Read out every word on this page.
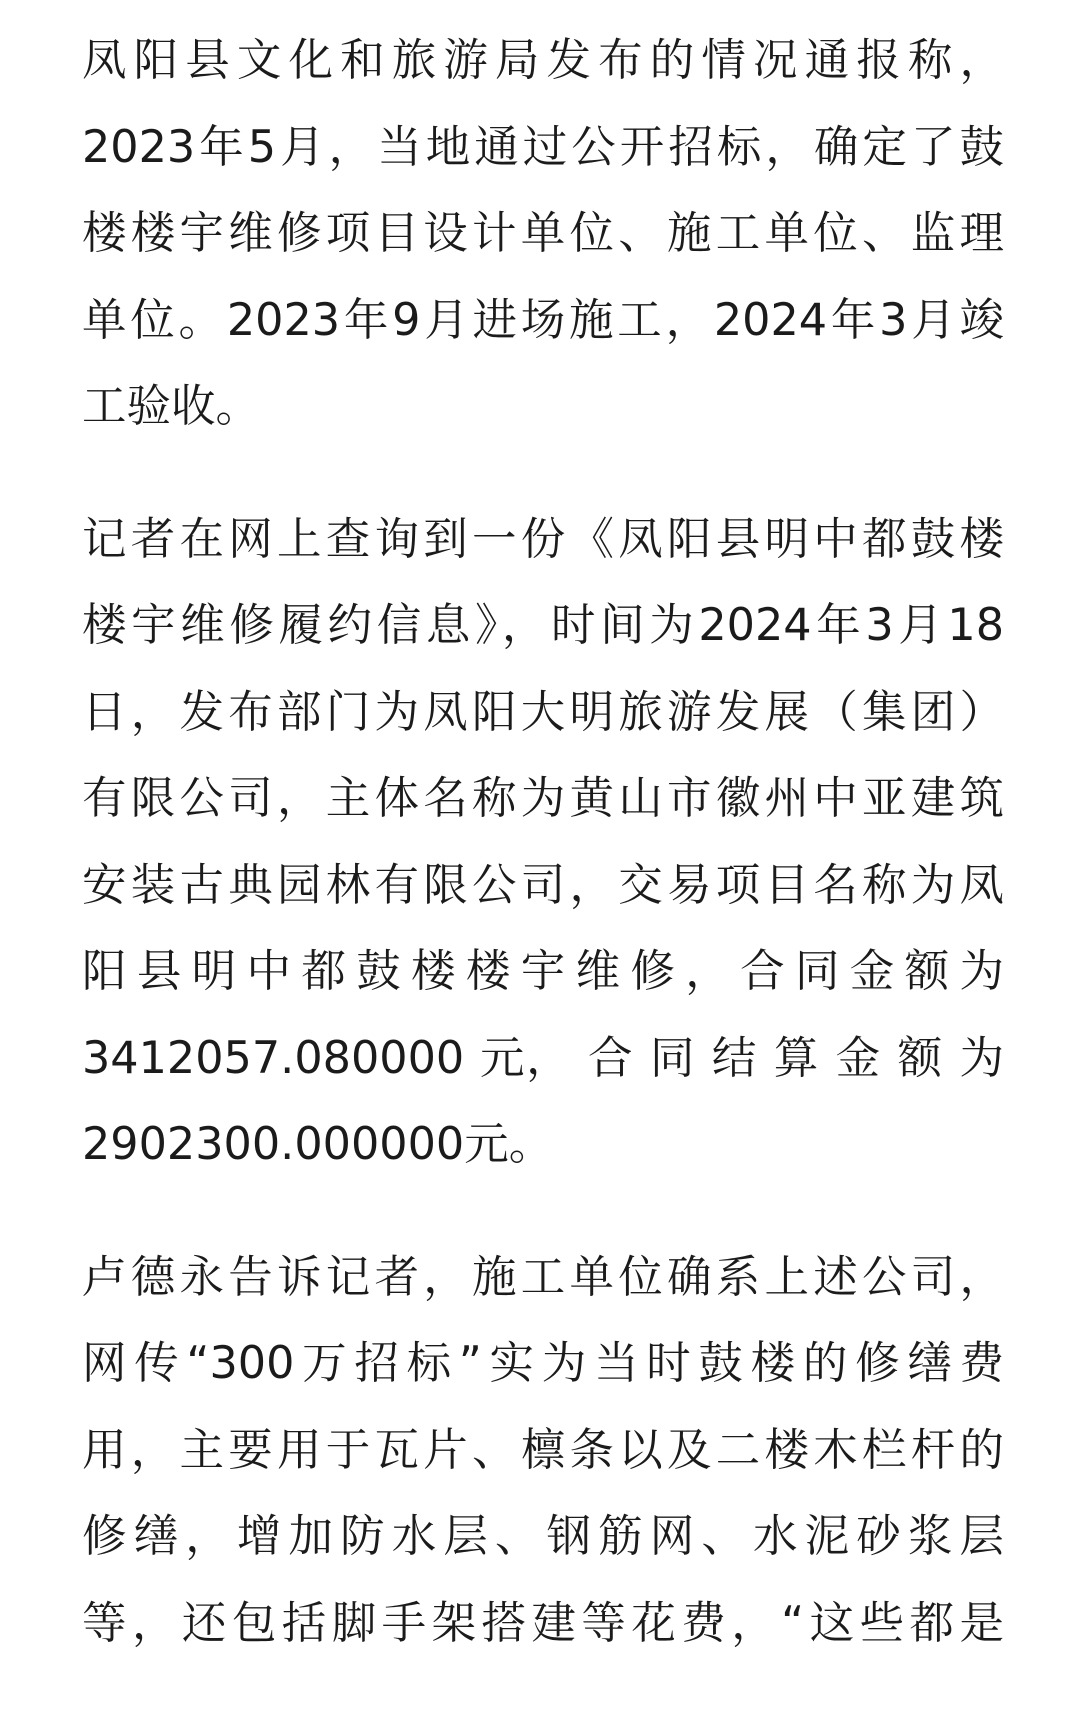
凤阳县文化和旅游局发布的情况通报称，
2023年5月，当地通过公开招标，确定了鼓
楼楼宇维修项目设计单位、施工单位、监理
单位。2023年9月进场施工，2024年3月竣
工验收。
记者在网上查询到一份《凤阳县明中都鼓楼
楼宇维修履约信息》，时间为2024年3月18
日，发布部门为凤阳大明旅游发展（集团）
有限公司，主体名称为黄山市徽州中亚建筑
安装古典园林有限公司，交易项目名称为凤
阳县明中都鼓楼楼宇维修，合同金额为
3412057.080000 元， 合 同 结 算 金 额 为
2902300.000000元。
卢德永告诉记者，施工单位确系上述公司，
网传“300万招标”实为当时鼓楼的修缮费
用，主要用于瓦片、檩条以及二楼木栏杆的
修缮，增加防水层、钢筋网、水泥砂浆层
等，还包括脚手架搭建等花费，“这些都是
